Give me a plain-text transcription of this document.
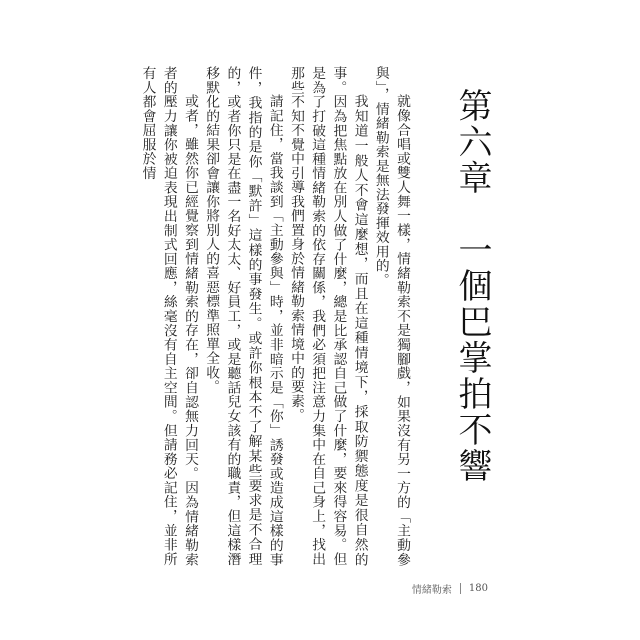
第六章　一個巴掌拍不響

就像合唱或雙人舞一樣，情緒勒索不是獨腳戲，如果沒有另一方的「主動參與」，情緒勒索是無法發揮效用的。

我知道一般人不會這麼想，而且在這種情境下，採取防禦態度是很自然的事。因為把焦點放在別人做了什麼，總是比承認自己做了什麼，要來得容易。但是為了打破這種情緒勒索的依存關係，我們必須把注意力集中在自己身上，找出那些不知不覺中引導我們置身於情緒勒索情境中的要素。

請記住，當我談到「主動參與」時，並非暗示是「你」誘發或造成這樣的事件，我指的是你「默許」這樣的事發生。或許你根本不了解某些要求是不合理的，或者你只是在盡一名好太太、好員工，或是聽話兒女該有的職責，但這樣潛移默化的結果卻會讓你將別人的喜惡標準照單全收。

或者，雖然你已經覺察到情緒勒索的存在，卻自認無力回天。因為情緒勒索者的壓力讓你被迫表現出制式回應，絲毫沒有自主空間。但請務必記住，並非所有人都會屈服於情

情緒勒索 180
